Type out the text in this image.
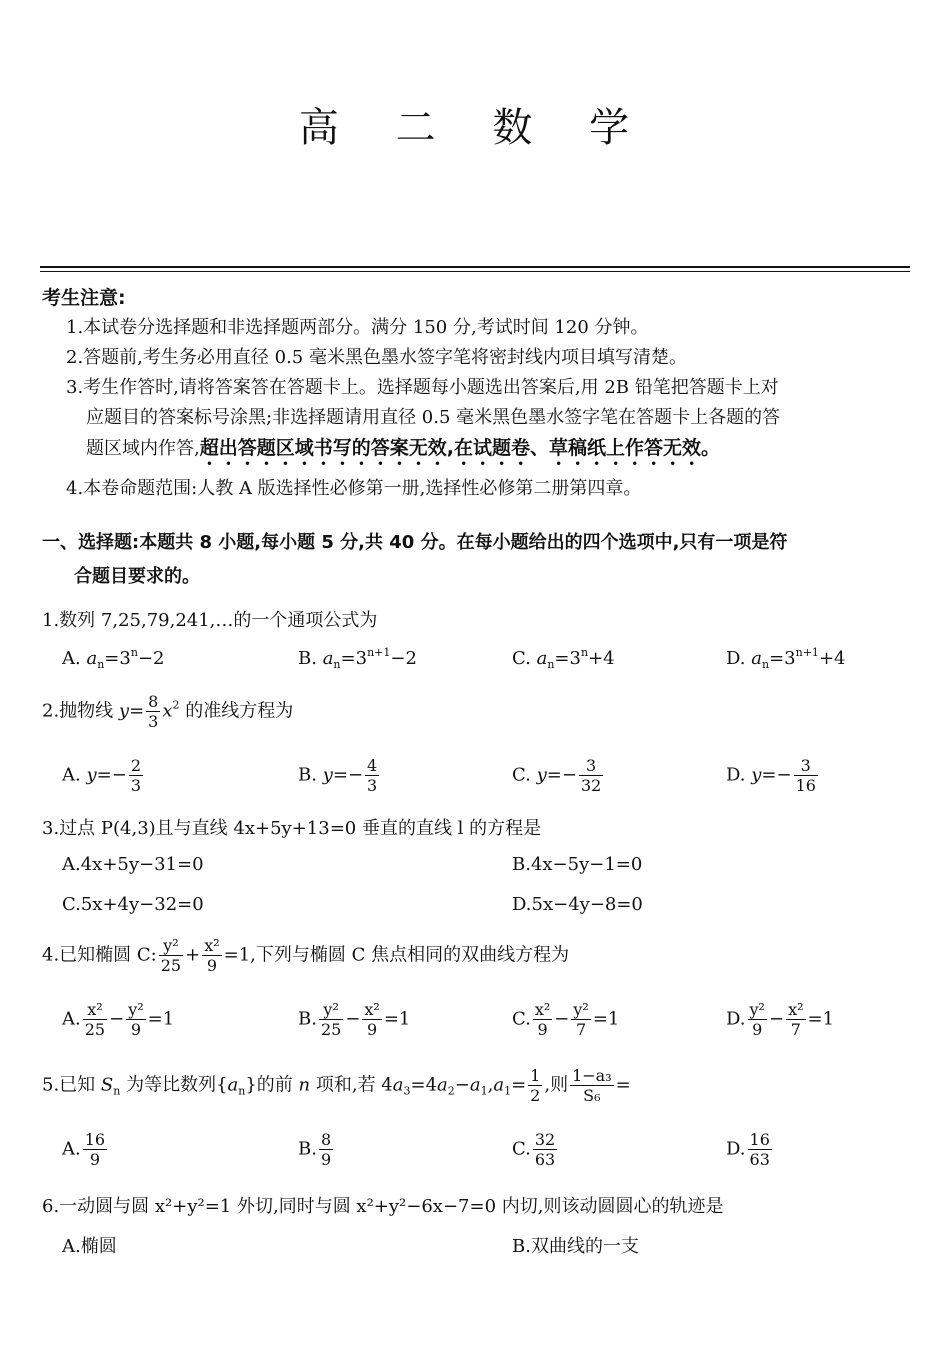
高 二 数 学
考生注意:
1.本试卷分选择题和非选择题两部分。满分 150 分,考试时间 120 分钟。
2.答题前,考生务必用直径 0.5 毫米黑色墨水签字笔将密封线内项目填写清楚。
3.考生作答时,请将答案答在答题卡上。选择题每小题选出答案后,用 2B 铅笔把答题卡上对
应题目的答案标号涂黑;非选择题请用直径 0.5 毫米黑色墨水签字笔在答题卡上各题的答
题区域内作答,超出答题区域书写的答案无效,在试题卷、草稿纸上作答无效。
4.本卷命题范围:人教 A 版选择性必修第一册,选择性必修第二册第四章。
一、选择题:本题共 8 小题,每小题 5 分,共 40 分。在每小题给出的四个选项中,只有一项是符
合题目要求的。
1.数列 7,25,79,241,…的一个通项公式为
A. $a_n=3^n-2$	B. $a_n=3^{n+1}-2$	C. $a_n=3^n+4$	D. $a_n=3^{n+1}+4$
2.抛物线 $y= \frac{8}{3} x^2$ 的准线方程为
A. $y=- \frac{2}{3}$	B. $y=- \frac{4}{3}$	C. $y=- \frac{3}{32}$	D. $y=- \frac{3}{16}$
3.过点 P(4,3)且与直线 4x+5y+13=0 垂直的直线 l 的方程是
A.4x+5y−31=0	B.4x−5y−1=0
C.5x+4y−32=0	D.5x−4y−8=0
4.已知椭圆 C: $\frac{\text{y²}}{25} + \frac{\text{x²}}{9} =1$,下列与椭圆 C 焦点相同的双曲线方程为
A. $\frac{\text{x²}}{25} - \frac{\text{y²}}{9} =1$	B. $\frac{\text{y²}}{25} - \frac{\text{x²}}{9} =1$	C. $\frac{\text{x²}}{9} - \frac{\text{y²}}{7} =1$	D. $\frac{\text{y²}}{9} - \frac{\text{x²}}{7} =1$
5.已知 $S_n$ 为等比数列$\{a_n\}$的前 n 项和,若 $4a_3=4a_2-a_1,a_1= \frac{1}{2}$ ,则 $\frac{\text{1−a₃}}{\text{S₆}}$ =
A. $\frac{16}{9}$	B. $\frac{8}{9}$	C. $\frac{32}{63}$	D. $\frac{16}{63}$
6.一动圆与圆 x²+y²=1 外切,同时与圆 x²+y²−6x−7=0 内切,则该动圆圆心的轨迹是
A.椭圆	B.双曲线的一支
